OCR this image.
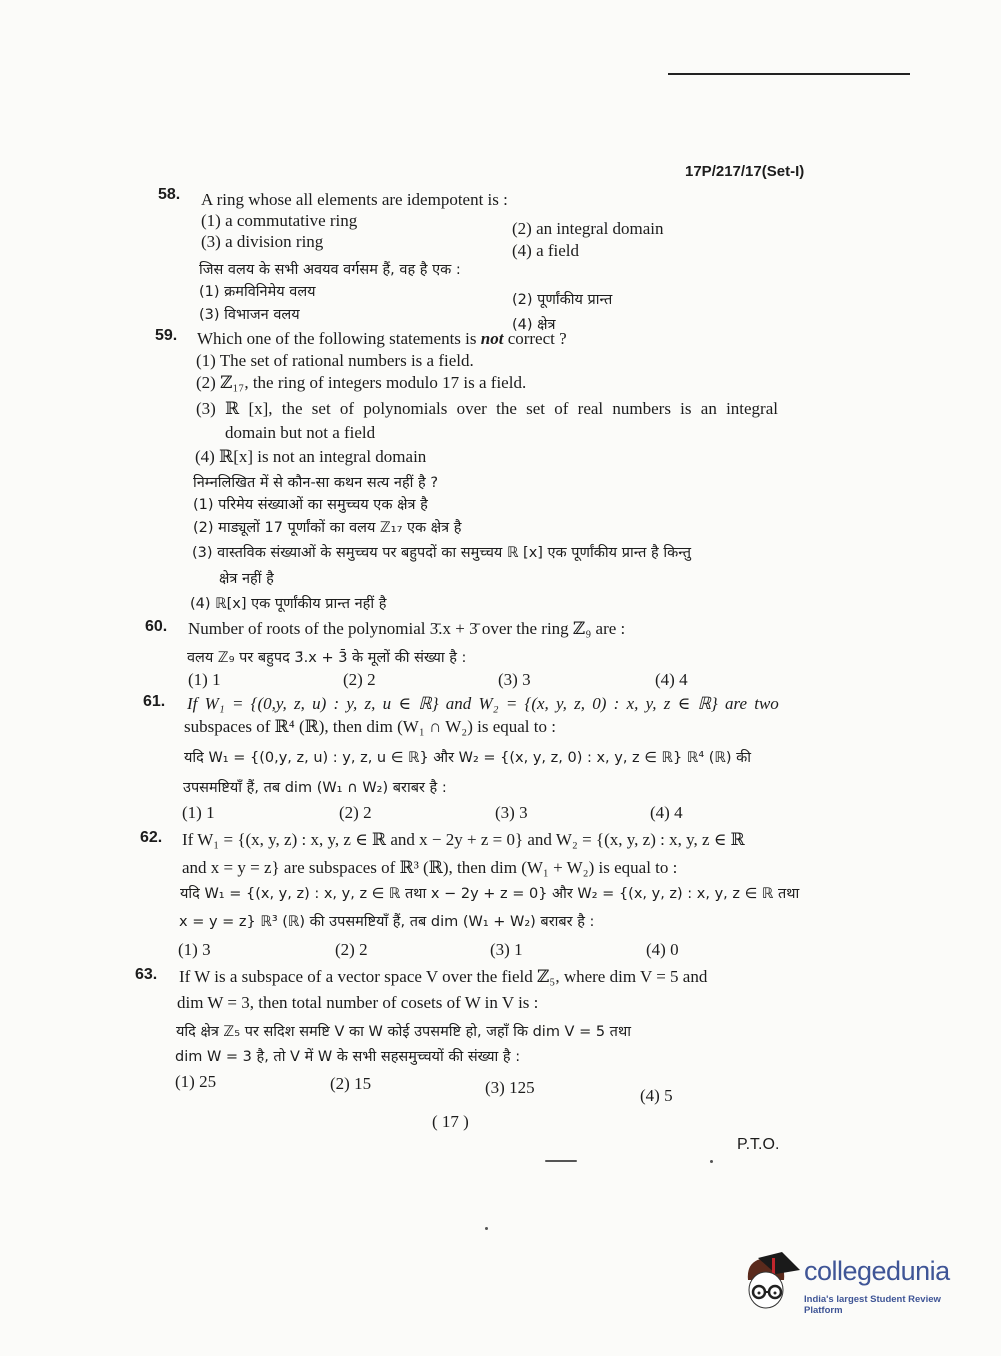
17P/217/17(Set-I)
58. A ring whose all elements are idempotent is :
(1) a commutative ring	(2) an integral domain
(3) a division ring	(4) a field
जिस वलय के सभी अवयव वर्गसम हैं, वह है एक :
(1) क्रमविनिमेय वलय	(2) पूर्णांकीय प्रान्त
(3) विभाजन वलय
(4) क्षेत्र
59. Which one of the following statements is not correct ?
(1) The set of rational numbers is a field.
(2) ℤ₁₇, the ring of integers modulo 17 is a field.
(3) ℝ [x], the set of polynomials over the set of real numbers is an integral
domain but not a field
(4) ℝ[x] is not an integral domain
निम्नलिखित में से कौन-सा कथन सत्य नहीं है ?
(1) परिमेय संख्याओं का समुच्चय एक क्षेत्र है
(2) माड्यूलों 17 पूर्णांकों का वलय ℤ₁₇ एक क्षेत्र है
(3) वास्तविक संख्याओं के समुच्चय पर बहुपदों का समुच्चय ℝ [x] एक पूर्णांकीय प्रान्त है किन्तु
क्षेत्र नहीं है
(4) ℝ[x] एक पूर्णांकीय प्रान्त नहीं है
60. Number of roots of the polynomial 3̄.x + 3̄ over the ring ℤ₉ are :
वलय ℤ₉ पर बहुपद 3̄.x + 3̄ के मूलों की संख्या है :
(1) 1	(2) 2	(3) 3	(4) 4
61. If W₁ = {(0,y, z, u) : y, z, u ∈ ℝ} and W₂ = {(x, y, z, 0) : x, y, z ∈ ℝ} are two
subspaces of ℝ⁴ (ℝ), then dim (W₁ ∩ W₂) is equal to :
यदि W₁ = {(0,y, z, u) : y, z, u ∈ ℝ} और W₂ = {(x, y, z, 0) : x, y, z ∈ ℝ} ℝ⁴ (ℝ) की
उपसमष्टियाँ हैं, तब dim (W₁ ∩ W₂) बराबर है :
(1) 1	(2) 2	(3) 3	(4) 4
62. If W₁ = {(x, y, z) : x, y, z ∈ ℝ and x − 2y + z = 0} and W₂ = {(x, y, z) : x, y, z ∈ ℝ
and x = y = z} are subspaces of ℝ³ (ℝ), then dim (W₁ + W₂) is equal to :
यदि W₁ = {(x, y, z) : x, y, z ∈ ℝ तथा x − 2y + z = 0} और W₂ = {(x, y, z) : x, y, z ∈ ℝ तथा
x = y = z} ℝ³ (ℝ) की उपसमष्टियाँ हैं, तब dim (W₁ + W₂) बराबर है :
(1) 3	(2) 2	(3) 1	(4) 0
63. If W is a subspace of a vector space V over the field ℤ₅, where dim V = 5 and
dim W = 3, then total number of cosets of W in V is :
यदि क्षेत्र ℤ₅ पर सदिश समष्टि V का W कोई उपसमष्टि हो, जहाँ कि dim V = 5 तथा
dim W = 3 है, तो V में W के सभी सहसमुच्चयों की संख्या है :
(1) 25	(2) 15	(3) 125	(4) 5
( 17 )
P.T.O.
collegedunia
India's largest Student Review Platform
